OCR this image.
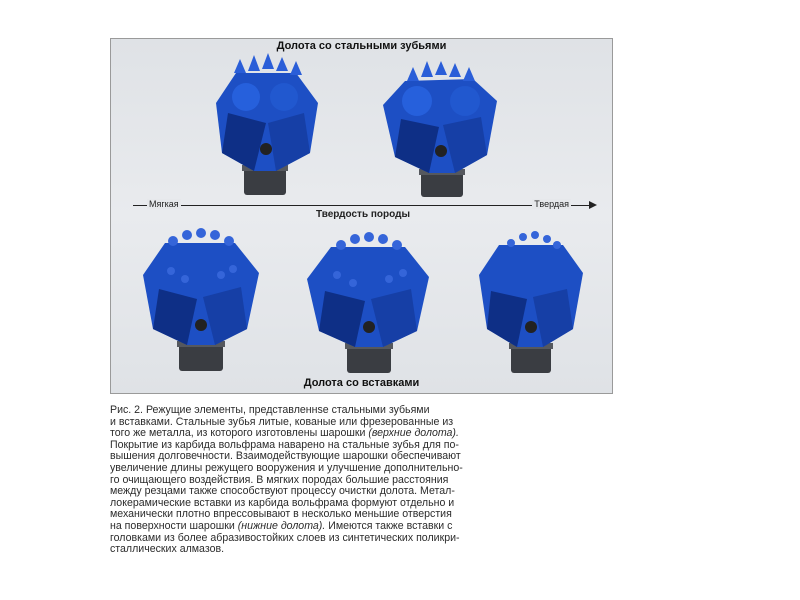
Долота со стальными зубьями
Мягкая	Твердая
Твердость породы
Долота со вставками
Рис. 2. Режущие элементы, представленнsе стальными зубьями
и вставками. Стальные зубья литые, кованые или фрезерованные из
того же металла, из которого изготовлены шарошки (верхние долота).
Покрытие из карбида вольфрама наварено на стальные зубья для по-
вышения долговечности. Взаимодействующие шарошки обеспечивают
увеличение длины режущего вооружения и улучшение дополнительно-
го очищающего воздействия. В мягких породах большие расстояния
между резцами также способствуют процессу очистки долота. Метал-
локерамические вставки из карбида вольфрама формуют отдельно и
механически плотно впрессовывают в несколько меньшие отверстия
на поверхности шарошки (нижние долота). Имеются также вставки с
головками из более абразивостойких слоев из синтетических поликри-
сталлических алмазов.
